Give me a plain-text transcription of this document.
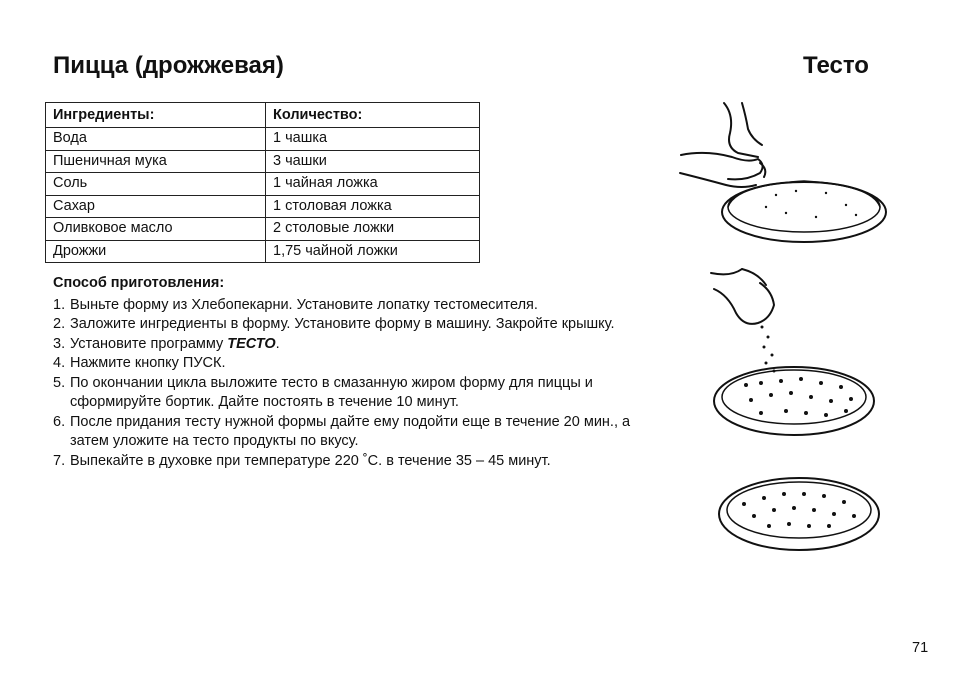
Пицца (дрожжевая)	Тесто
Ингредиенты:	Количество:
Вода	1 чашка
Пшеничная мука	3 чашки
Соль	1 чайная ложка
Сахар	1 столовая ложка
Оливковое масло	2 столовые ложки
Дрожжи	1,75 чайной ложки
Способ приготовления:
1. Выньте форму из Хлебопекарни. Установите лопатку тестомесителя.
2. Заложите ингредиенты в форму. Установите форму в машину. Закройте крышку.
3. Установите программу ТЕСТО.
4. Нажмите кнопку ПУСК.
5. По окончании цикла выложите тесто в смазанную жиром форму для пиццы и сформируйте бортик. Дайте постоять в течение 10 минут.
6. После придания тесту нужной формы дайте ему подойти еще в течение 20 мин., а затем уложите на тесто продукты по вкусу.
7. Выпекайте в духовке при температуре 220 ˚С. в течение 35 – 45 минут.
71
